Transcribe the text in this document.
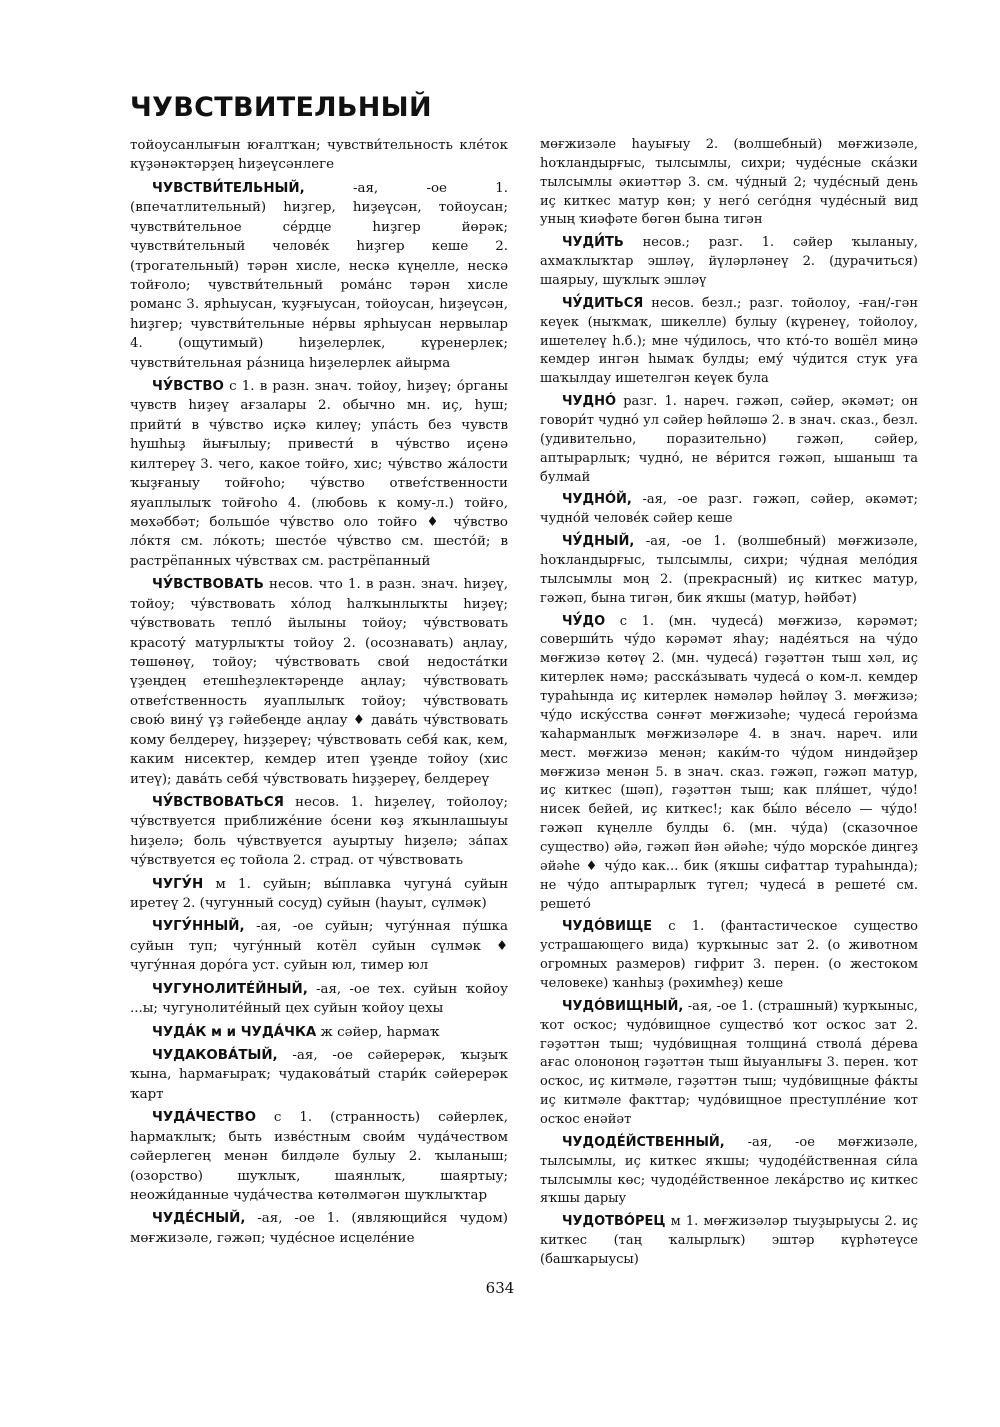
ЧУВСТВИТЕЛЬНЫЙ

тойоусанлығын юғалтҡан; чувстви́тельность клéток күҙәнәктәрҙең һиҙеүсәнлеге

ЧУВСТВИ́ТЕЛЬНЫЙ, -ая, -ое 1. (впечатлительный) һиҙгер, һиҙеүсән, тойоусан; чувстви́тельное сéрдце һиҙгер йөрәк; чувстви́тельный человéк һиҙгер кеше 2. (трогательный) тәрән хисле, нескә күңелле, нескә тойғоло; чувстви́тельный ромáнс тәрән хисле романс 3. ярһыусан, ҡуҙғыусан, тойоусан, һиҙеүсән, һиҙгер; чувстви́тельные нéрвы ярһыусан нервылар 4. (ощутимый) һиҙелерлек, күренерлек; чувстви́тельная рáзница һиҙелерлек айырма

ЧУ́ВСТВО с 1. в разн. знач. тойоу, һиҙеү; óрганы чувств һиҙеү ағзалары 2. обычно мн. иҫ, һуш; прийти́ в чу́вство иҫкә килеү; упáсть без чувств һушһыҙ йығылыу; привести́ в чу́вство иҫенә килтереү 3. чего, какое тойғо, хис; чу́вство жáлости ҡыҙғаныу тойғоһо; чу́вство ответ́ственности яуаплылыҡ тойғоһо 4. (любовь к кому-л.) тойғо, мөхәббәт; большóе чу́вство оло тойғо ♦ чу́вство лóктя см. лóкоть; шестóе чу́вство см. шестóй; в растрёпанных чу́вствах см. растрёпанный

ЧУ́ВСТВОВАТЬ несов. что 1. в разн. знач. һиҙеү, тойоу; чу́вствовать хóлод һалҡынлыҡты һиҙеү; чу́вствовать теплó йылыны тойоу; чу́вствовать красоту́ матурлыҡты тойоу 2. (осознавать) аңлау, төшөнөү, тойоу; чу́вствовать свои́ недостáтки үҙеңдең етешһеҙлектәреңде аңлау; чу́вствовать ответ́ственность яуаплылыҡ тойоу; чу́вствовать свою́ вину́ үҙ гәйебеңде аңлау ♦ давáть чу́вствовать кому белдереү, һиҙҙереү; чу́вствовать себя́ как, кем, каким нисектер, кемдер итеп үҙеңде тойоу (хис итеү); давáть себя́ чу́вствовать һиҙҙереү, белдереү

ЧУ́ВСТВОВАТЬСЯ несов. 1. һиҙелеү, тойолоу; чу́вствуется приближéние óсени көҙ яҡынлашыуы һиҙелә; боль чу́вствуется ауыртыу һиҙелә; зáпах чу́вствуется еҫ тойола 2. страд. от чу́вствовать

ЧУГУ́Н м 1. суйын; вы́плавка чугунá суйын иретеү 2. (чугунный сосуд) суйын (һауыт, сүлмәк)

ЧУГУ́ННЫЙ, -ая, -ое суйын; чугу́нная пу́шка суйын туп; чугу́нный котёл суйын сүлмәк ♦ чугу́нная дорóга уст. суйын юл, тимер юл

ЧУГУНОЛИТÉЙНЫЙ, -ая, -ое тех. суйын ҡойоу ...ы; чугунолитéйный цех суйын ҡойоу цехы

ЧУДÁК м и ЧУДÁЧКА ж сәйер, һармаҡ

ЧУДАКОВÁТЫЙ, -ая, -ое сәйерерәк, ҡыҙыҡ ҡына, һармағыраҡ; чудаковáтый стари́к сәйерерәк ҡарт

ЧУДÁЧЕСТВО с 1. (странность) сәйерлек, һармаҡлыҡ; быть извéстным свои́м чудáчеством сәйерлегең менән билдәле булыу 2. ҡыланыш; (озорство) шуҡлыҡ, шаянлыҡ, шаяртыу; неожи́данные чудáчества көтөлмәгән шуҡлыҡтар

ЧУДÉСНЫЙ, -ая, -ое 1. (являющийся чудом) мөғжизәле, гәжәп; чудéсное исцелéние

мөғжизәле һауығыу 2. (волшебный) мөғжизәле, һоҡландырғыс, тылсымлы, сихри; чудéсные скáзки тылсымлы әкиәттәр 3. см. чу́дный 2; чудéсный день иҫ киткес матур көн; у негó сегóдня чудéсный вид уның ҡиәфәте бөгөн бына тигән

ЧУДИ́ТЬ несов.; разг. 1. сәйер ҡыланыу, ахмаҡлыҡтар эшләү, йүләрләнеү 2. (дурачиться) шаярыу, шуҡлыҡ эшләү

ЧУ́ДИТЬСЯ несов. безл.; разг. тойолоу, -ған/-гән кеүек (ныҡмаҡ, шикелле) булыу (күренеү, тойолоу, ишетелеү һ.б.); мне чу́дилось, что ктó-то вошёл миңә кемдер ингән һымаҡ булды; ему́ чу́дится стук уға шаҡылдау ишетелгән кеүек була

ЧУДНÓ разг. 1. нареч. гәжәп, сәйер, әкәмәт; он говори́т чуднó ул сәйер һөйләшә 2. в знач. сказ., безл. (удивительно, поразительно) гәжәп, сәйер, аптырарлыҡ; чуднó, не вéрится гәжәп, ышаныш та булмай

ЧУДНÓЙ, -ая, -ое разг. гәжәп, сәйер, әкәмәт; чуднóй человéк сәйер кеше

ЧУ́ДНЫЙ, -ая, -ое 1. (волшебный) мөғжизәле, һоҡландырғыс, тылсымлы, сихри; чу́дная мелóдия тылсымлы моң 2. (прекрасный) иҫ киткес матур, гәжәп, бына тигән, бик яҡшы (матур, һәйбәт)

ЧУ́ДО с 1. (мн. чудесá) мөғжизә, кәрәмәт; соверши́ть чу́до кәрәмәт яһау; надéяться на чу́до мөғжизә көтөү 2. (мн. чудесá) гәҙәттән тыш хәл, иҫ китерлек нәмә; расскáзывать чудесá о ком-л. кемдер тураһында иҫ китерлек нәмәләр һөйләү 3. мөғжизә; чу́до искýсства сәнғәт мөғжизәһе; чудесá герои́зма ҡаһарманлыҡ мөғжизәләре 4. в знач. нареч. или мест. мөғжизә менән; каки́м-то чу́дом ниндәйҙер мөғжизә менән 5. в знач. сказ. гәжәп, гәжәп матур, иҫ киткес (шәп), гәҙәттән тыш; как пля́шет, чу́до! нисек бейей, иҫ киткес!; как бы́ло вéсело — чу́до! гәжәп күңелле булды 6. (мн. чу́да) (сказочное существо) әйә, гәжәп йән әйәһе; чу́до морскóе диңгеҙ әйәһе ♦ чу́до как... бик (яҡшы сифаттар тураһында); не чу́до аптырарлыҡ түгел; чудесá в решетé см. решетó

ЧУДÓВИЩЕ с 1. (фантастическое существо устрашающего вида) ҡурҡыныс зат 2. (о животном огромных размеров) гифрит 3. перен. (о жестоком человеке) ҡанһыҙ (рәхимһеҙ) кеше

ЧУДÓВИЩНЫЙ, -ая, -ое 1. (страшный) ҡурҡыныс, ҡот осҡос; чудóвищное существó ҡот осҡос зат 2. гәҙәттән тыш; чудóвищная толщинá ствола́ дéрева ағас олононоң гәҙәттән тыш йыуанлығы 3. перен. ҡот осҡос, иҫ китмәле, гәҙәттән тыш; чудóвищные фáкты иҫ китмәле факттар; чудóвищное преступлéние ҡот осҡос енәйәт

ЧУДОДÉЙСТВЕННЫЙ, -ая, -ое мөғжизәле, тылсымлы, иҫ киткес яҡшы; чудодéйственная си́ла тылсымлы көс; чудодéйственное лекáрство иҫ киткес яҡшы дарыу

ЧУДОТВÓРЕЦ м 1. мөғжизәләр тыуҙырыусы 2. иҫ киткес (таң ҡалырлыҡ) эштәр күрһәтеүсе (башҡарыусы)

634
